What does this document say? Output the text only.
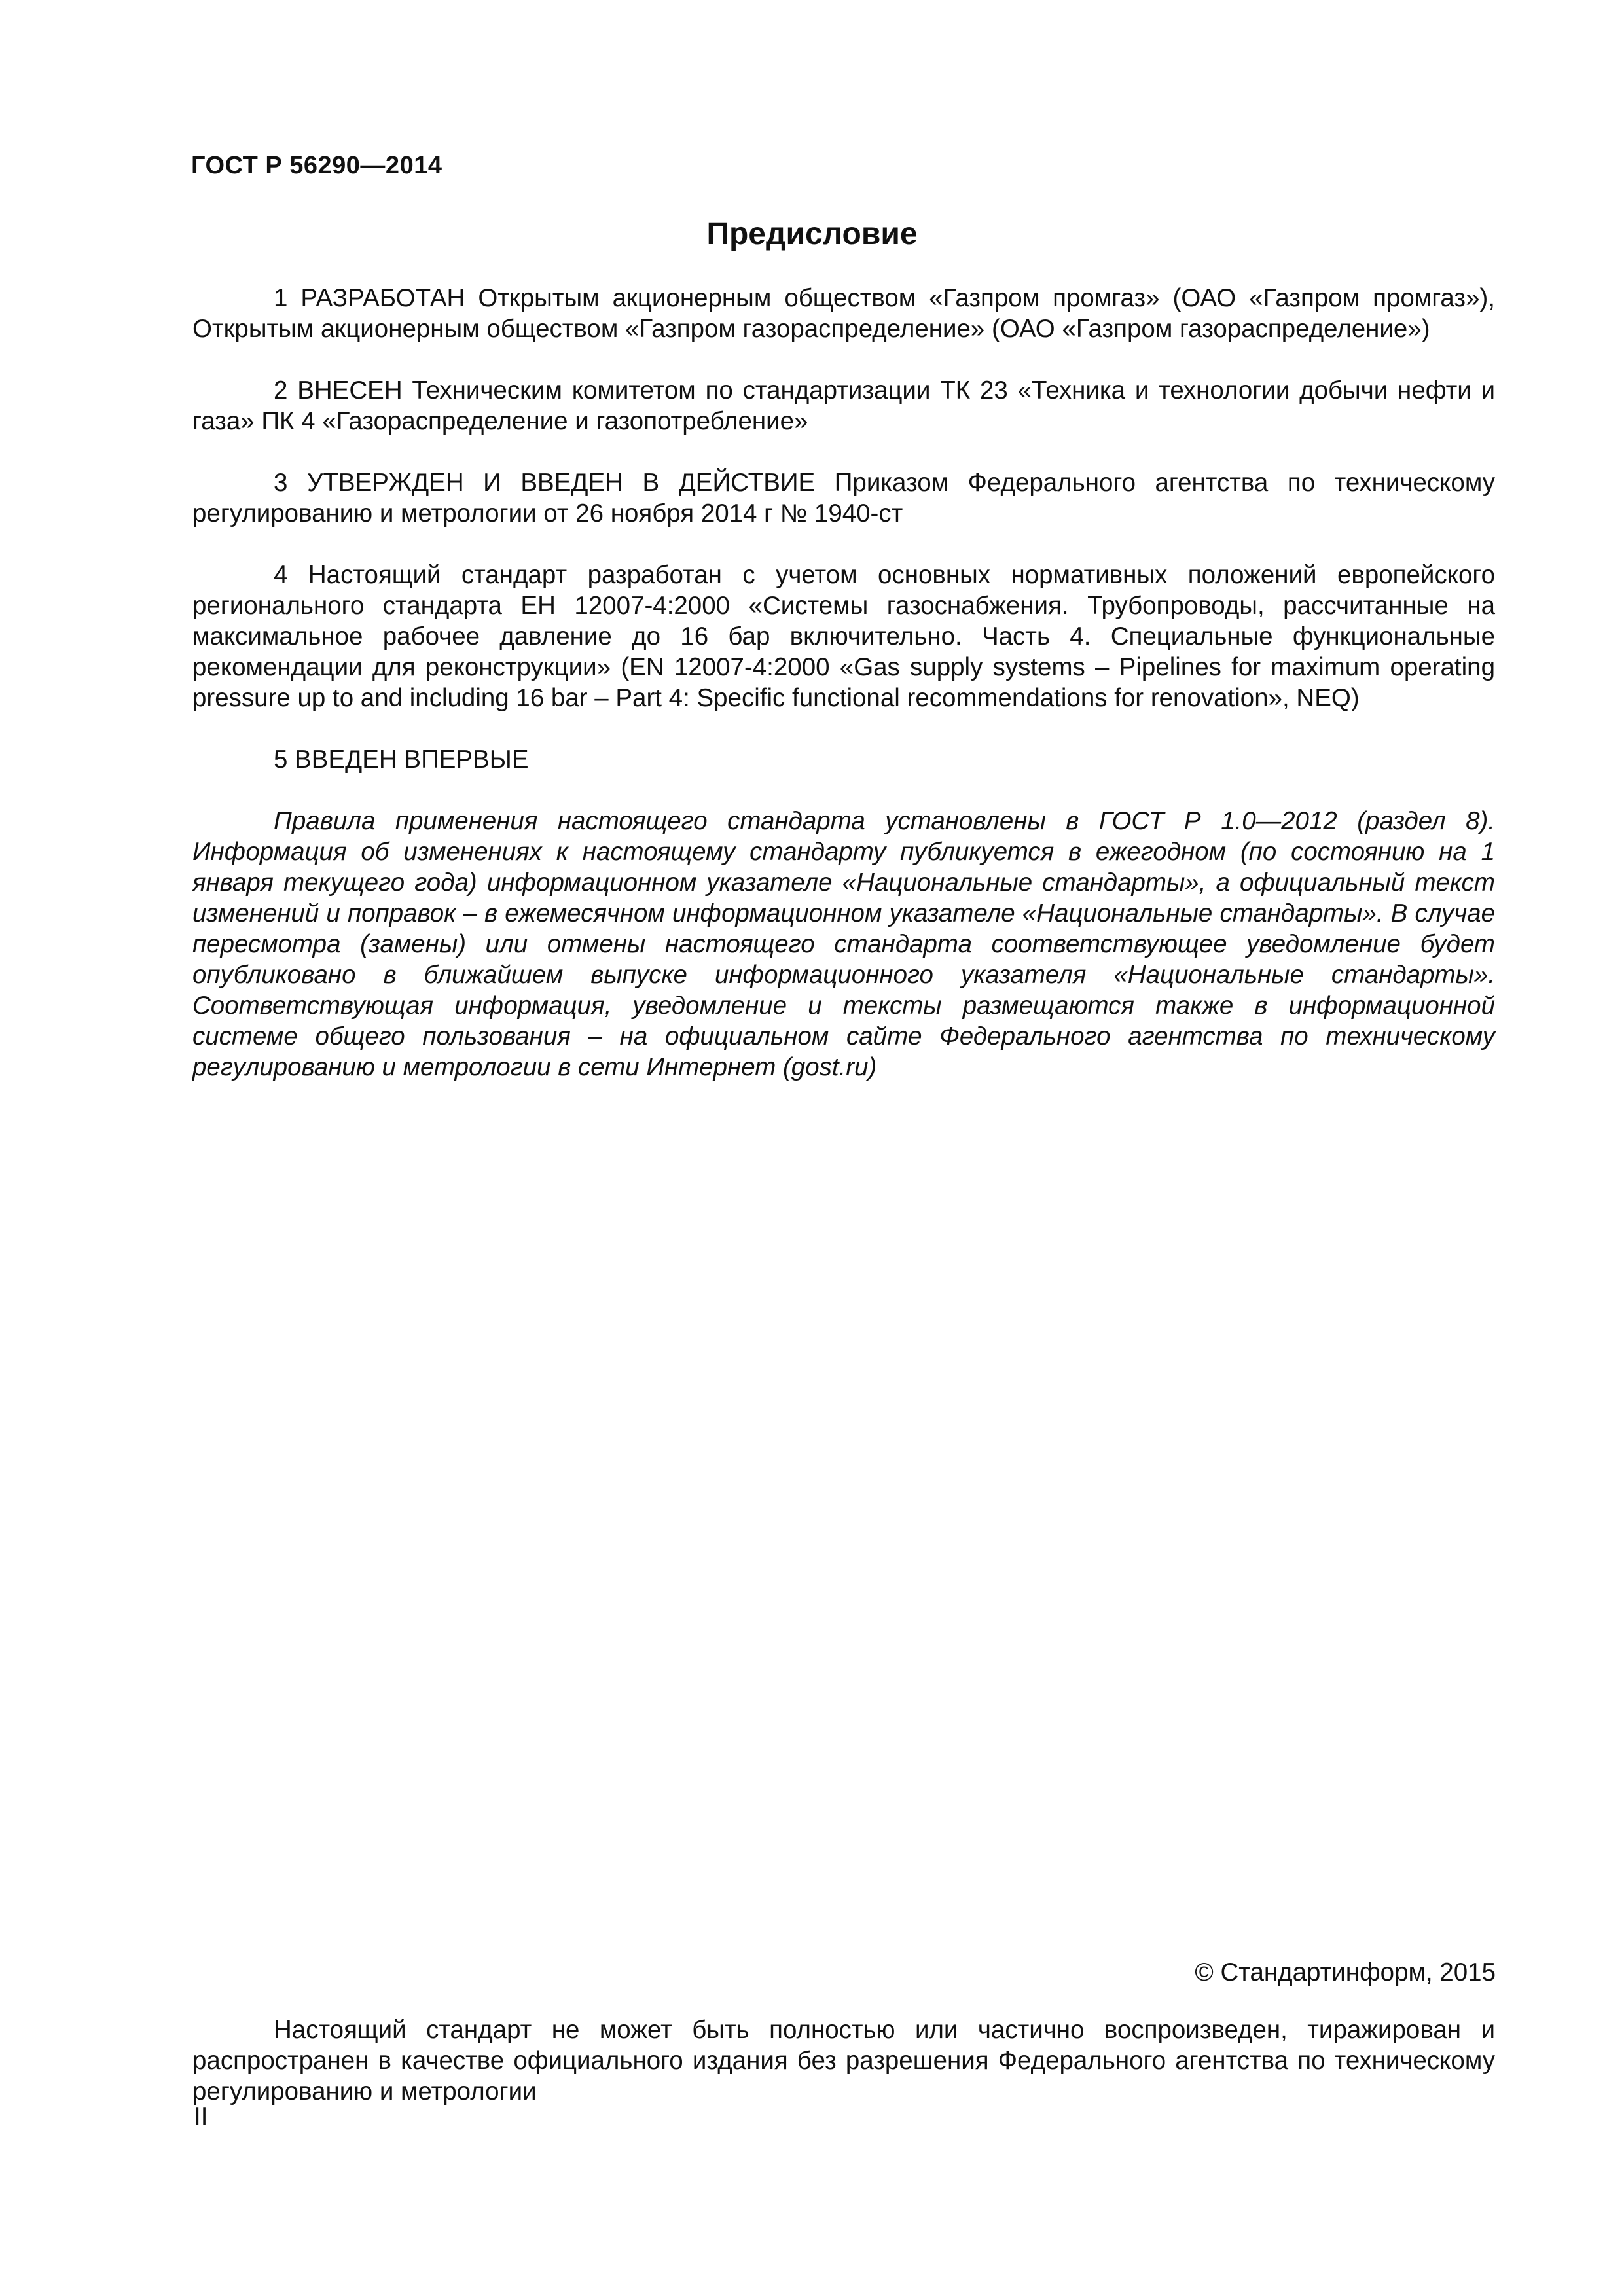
ГОСТ Р 56290—2014
Предисловие

1 РАЗРАБОТАН Открытым акционерным обществом «Газпром промгаз» (ОАО «Газпром промгаз»), Открытым акционерным обществом «Газпром газораспределение» (ОАО «Газпром газораспределение»)

2 ВНЕСЕН Техническим комитетом по стандартизации ТК 23 «Техника и технологии добычи нефти и газа» ПК 4 «Газораспределение и газопотребление»

3 УТВЕРЖДЕН И ВВЕДЕН В ДЕЙСТВИЕ Приказом Федерального агентства по техническому регулированию и метрологии от 26 ноября 2014 г № 1940-ст

4 Настоящий стандарт разработан с учетом основных нормативных положений европейского регионального стандарта ЕН 12007-4:2000 «Системы газоснабжения. Трубопроводы, рассчитанные на максимальное рабочее давление до 16 бар включительно. Часть 4. Специальные функциональные рекомендации для реконструкции» (EN 12007-4:2000 «Gas supply systems – Pipelines for maximum operating pressure up to and including 16 bar – Part 4: Specific functional recommendations for renovation», NEQ)

5 ВВЕДЕН ВПЕРВЫЕ

Правила применения настоящего стандарта установлены в ГОСТ Р 1.0—2012 (раздел 8). Информация об изменениях к настоящему стандарту публикуется в ежегодном (по состоянию на 1 января текущего года) информационном указателе «Национальные стандарты», а официальный текст изменений и поправок – в ежемесячном информационном указателе «Национальные стандарты». В случае пересмотра (замены) или отмены настоящего стандарта соответствующее уведомление будет опубликовано в ближайшем выпуске информационного указателя «Национальные стандарты». Соответствующая информация, уведомление и тексты размещаются также в информационной системе общего пользования – на официальном сайте Федерального агентства по техническому регулированию и метрологии в сети Интернет (gost.ru)

© Стандартинформ, 2015
Настоящий стандарт не может быть полностью или частично воспроизведен, тиражирован и распространен в качестве официального издания без разрешения Федерального агентства по техническому регулированию и метрологии
II
